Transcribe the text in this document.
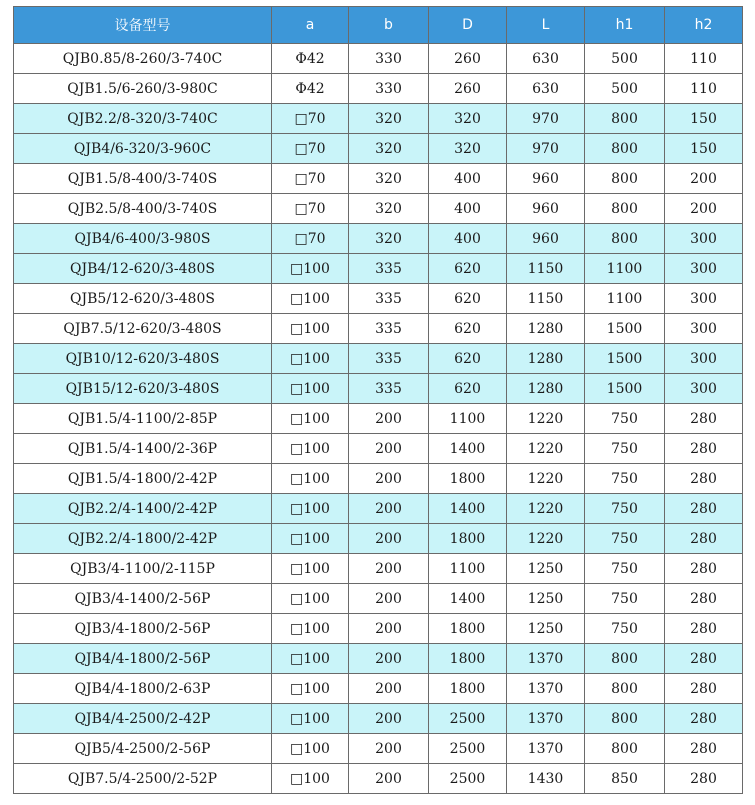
设备型号	a	b	D	L	h1	h2
QJB0.85/8-260/3-740C	Φ42	330	260	630	500	110
QJB1.5/6-260/3-980C	Φ42	330	260	630	500	110
QJB2.2/8-320/3-740C	□70	320	320	970	800	150
QJB4/6-320/3-960C	□70	320	320	970	800	150
QJB1.5/8-400/3-740S	□70	320	400	960	800	200
QJB2.5/8-400/3-740S	□70	320	400	960	800	200
QJB4/6-400/3-980S	□70	320	400	960	800	300
QJB4/12-620/3-480S	□100	335	620	1150	1100	300
QJB5/12-620/3-480S	□100	335	620	1150	1100	300
QJB7.5/12-620/3-480S	□100	335	620	1280	1500	300
QJB10/12-620/3-480S	□100	335	620	1280	1500	300
QJB15/12-620/3-480S	□100	335	620	1280	1500	300
QJB1.5/4-1100/2-85P	□100	200	1100	1220	750	280
QJB1.5/4-1400/2-36P	□100	200	1400	1220	750	280
QJB1.5/4-1800/2-42P	□100	200	1800	1220	750	280
QJB2.2/4-1400/2-42P	□100	200	1400	1220	750	280
QJB2.2/4-1800/2-42P	□100	200	1800	1220	750	280
QJB3/4-1100/2-115P	□100	200	1100	1250	750	280
QJB3/4-1400/2-56P	□100	200	1400	1250	750	280
QJB3/4-1800/2-56P	□100	200	1800	1250	750	280
QJB4/4-1800/2-56P	□100	200	1800	1370	800	280
QJB4/4-1800/2-63P	□100	200	1800	1370	800	280
QJB4/4-2500/2-42P	□100	200	2500	1370	800	280
QJB5/4-2500/2-56P	□100	200	2500	1370	800	280
QJB7.5/4-2500/2-52P	□100	200	2500	1430	850	280
